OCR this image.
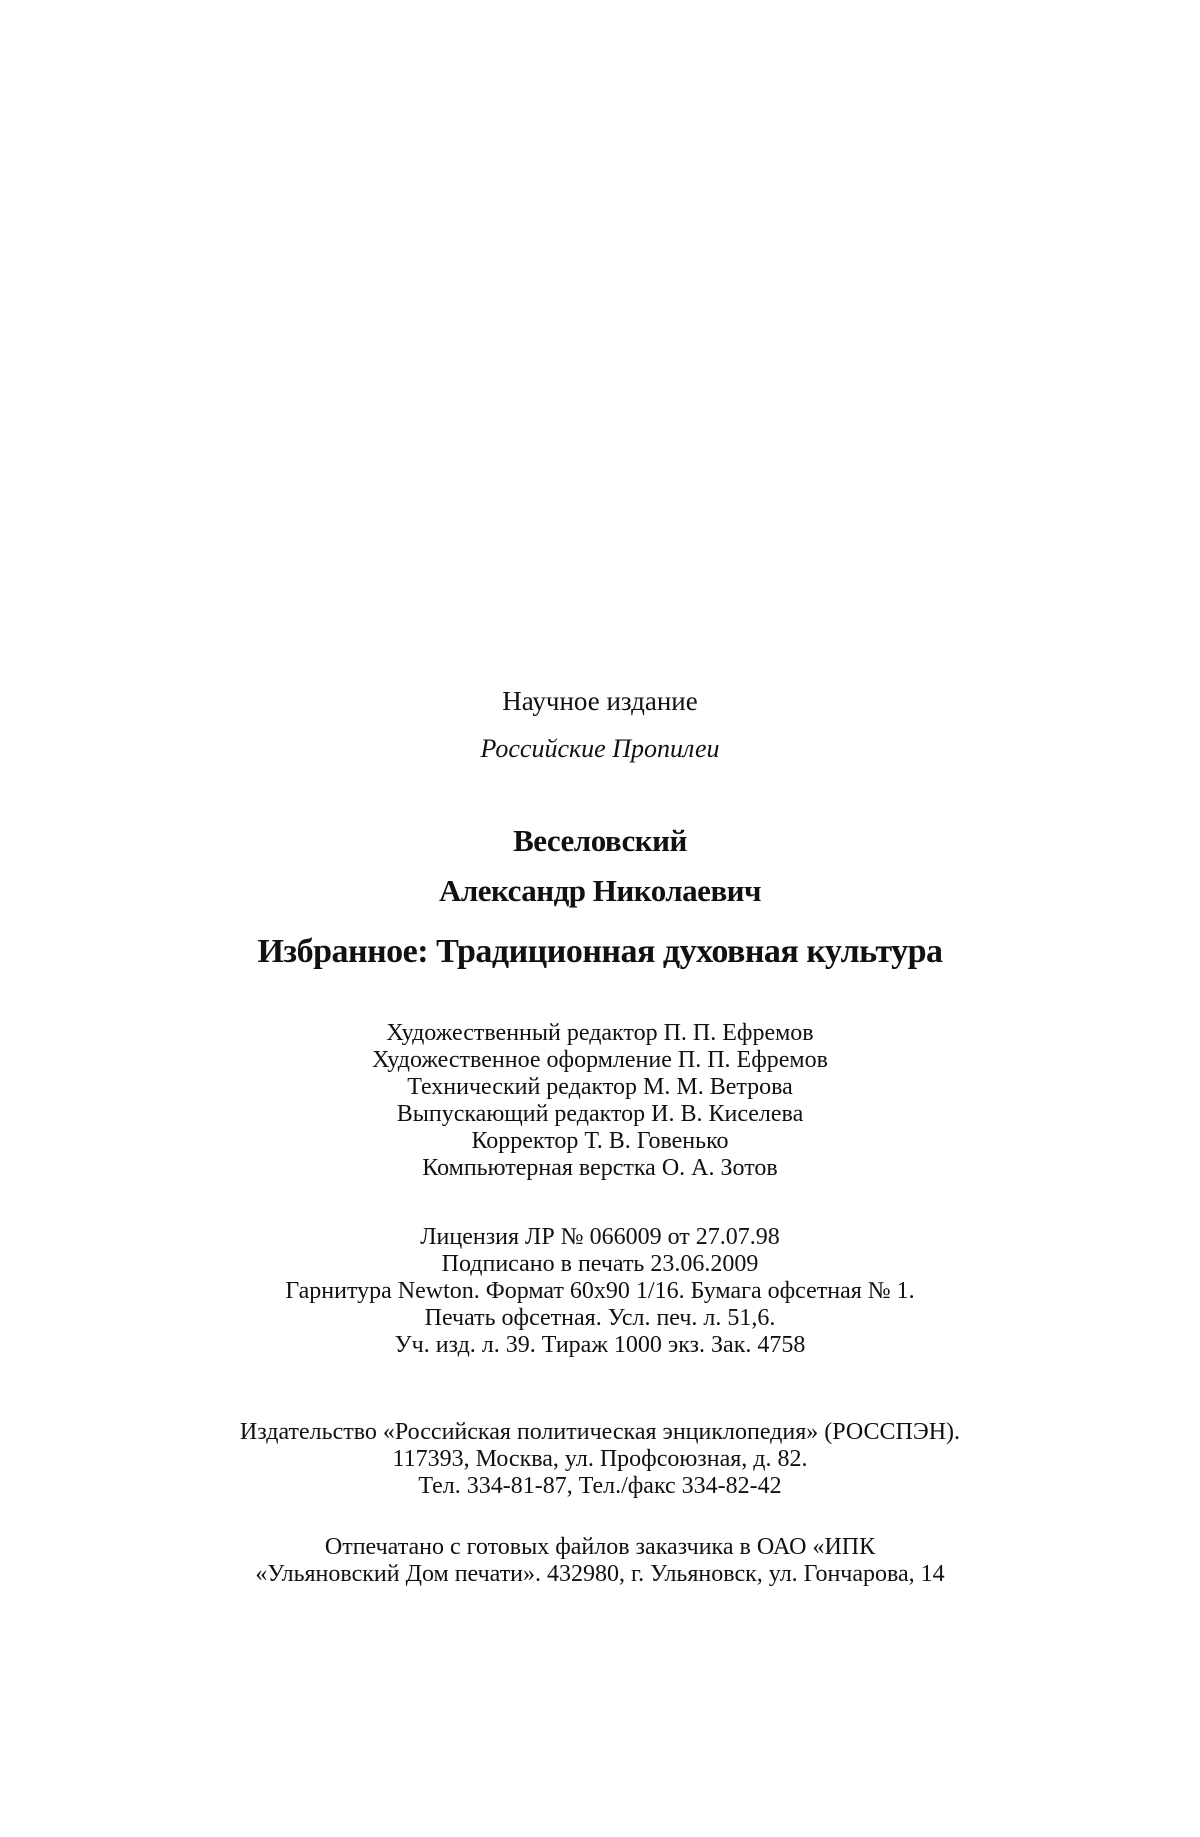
Научное издание
Российские Пропилеи
Веселовский
Александр Николаевич
Избранное: Традиционная духовная культура
Художественный редактор П. П. Ефремов
Художественное оформление П. П. Ефремов
Технический редактор М. М. Ветрова
Выпускающий редактор И. В. Киселева
Корректор Т. В. Говенько
Компьютерная верстка О. А. Зотов
Лицензия ЛР № 066009 от 27.07.98
Подписано в печать 23.06.2009
Гарнитура Newton. Формат 60х90 1/16. Бумага офсетная № 1.
Печать офсетная. Усл. печ. л. 51,6.
Уч. изд. л. 39. Тираж 1000 экз. Зак. 4758
Издательство «Российская политическая энциклопедия» (РОССПЭН).
117393, Москва, ул. Профсоюзная, д. 82.
Тел. 334-81-87, Тел./факс 334-82-42
Отпечатано с готовых файлов заказчика в ОАО «ИПК
«Ульяновский Дом печати». 432980, г. Ульяновск, ул. Гончарова, 14
